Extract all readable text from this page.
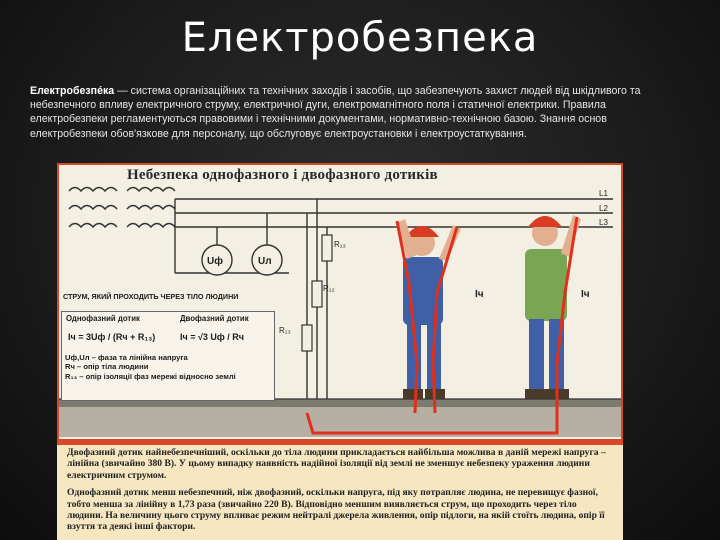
Електробезпека
Електробезпе́ка — система організаційних та технічних заходів і засобів, що забезпечують захист людей від шкідливого та небезпечного впливу електричного струму, електричної дуги, електромагнітного поля і статичної електрики. Правила електробезпеки регламентуються правовими і технічними документами, нормативно-технічною базою. Знання основ електробезпеки обов'язкове для персоналу, що обслуговує електроустановки і електроустаткування.
Uф	Uл
R₁₃
R₁₂
R₁₃
L1
L2
L3
Iч	Iч
Небезпека однофазного і двофазного дотиків
СТРУМ, ЯКИЙ ПРОХОДИТЬ ЧЕРЕЗ ТІЛО ЛЮДИНИ
Однофазний дотик	Двофазний дотик
Iч = 3Uф / (Rч + R₁₃)	Iч = √3 Uф / Rч
Uф,Uл – фаза та лінійна напруга
Rч – опір тіла людини
R₁₃ – опір ізоляції фаз мережі відносно землі

Двофазний дотик найнебезпечніший, оскільки до тіла людини прикладається найбільша можлива в даній мережі напруга – лінійна (звичайно 380 В). У цьому випадку наявність надійної ізоляції від землі не зменшує небезпеку ураження людини електричним струмом.

Однофазний дотик менш небезпечний, ніж двофазний, оскільки напруга, під яку потрапляє людина, не перевищує фазної, тобто менша за лінійну в 1,73 раза (звичайно 220 В). Відповідно меншим виявляється струм, що проходить через тіло людини. На величину цього струму впливає режим нейтралі джерела живлення, опір підлоги, на якій стоїть людина, опір її взуття та деякі інші фактори.
